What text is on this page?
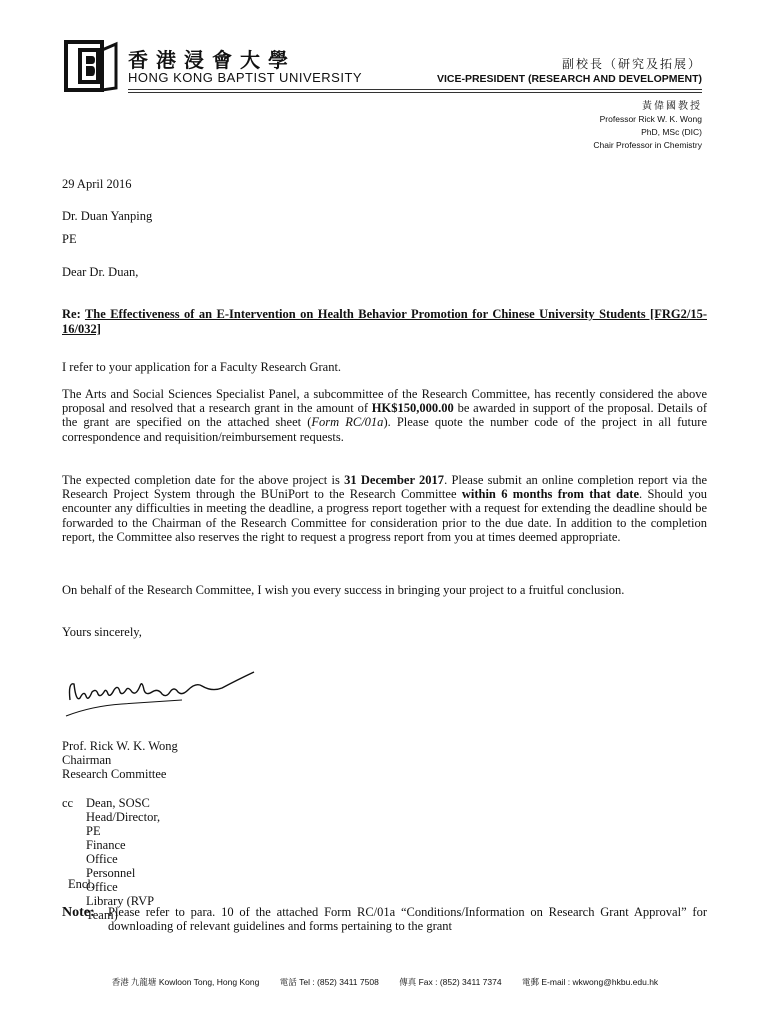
香港浸會大學
HONG KONG BAPTIST UNIVERSITY
副校長（研究及拓展）
VICE-PRESIDENT (RESEARCH AND DEVELOPMENT)
黃偉國教授
Professor Rick W. K. Wong
PhD, MSc (DIC)
Chair Professor in Chemistry
29 April 2016
Dr. Duan Yanping
PE
Dear Dr. Duan,
Re: The Effectiveness of an E-Intervention on Health Behavior Promotion for Chinese University Students [FRG2/15-16/032]
I refer to your application for a Faculty Research Grant.
The Arts and Social Sciences Specialist Panel, a subcommittee of the Research Committee, has recently considered the above proposal and resolved that a research grant in the amount of HK$150,000.00 be awarded in support of the proposal. Details of the grant are specified on the attached sheet (Form RC/01a). Please quote the number code of the project in all future correspondence and requisition/reimbursement requests.
The expected completion date for the above project is 31 December 2017. Please submit an online completion report via the Research Project System through the BUniPort to the Research Committee within 6 months from that date. Should you encounter any difficulties in meeting the deadline, a progress report together with a request for extending the deadline should be forwarded to the Chairman of the Research Committee for consideration prior to the due date. In addition to the completion report, the Committee also reserves the right to request a progress report from you at times deemed appropriate.
On behalf of the Research Committee, I wish you every success in bringing your project to a fruitful conclusion.
Yours sincerely,
Prof. Rick W. K. Wong
Chairman
Research Committee
cc Dean, SOSC
Head/Director, PE
Finance Office
Personnel Office
Library (RVP Team)
Encl.
Note: Please refer to para. 10 of the attached Form RC/01a “Conditions/Information on Research Grant Approval” for downloading of relevant guidelines and forms pertaining to the grant
香港 九龍塘 Kowloon Tong, Hong Kong 電話 Tel : (852) 3411 7508 傳真 Fax : (852) 3411 7374 電郵 E-mail : wkwong@hkbu.edu.hk
